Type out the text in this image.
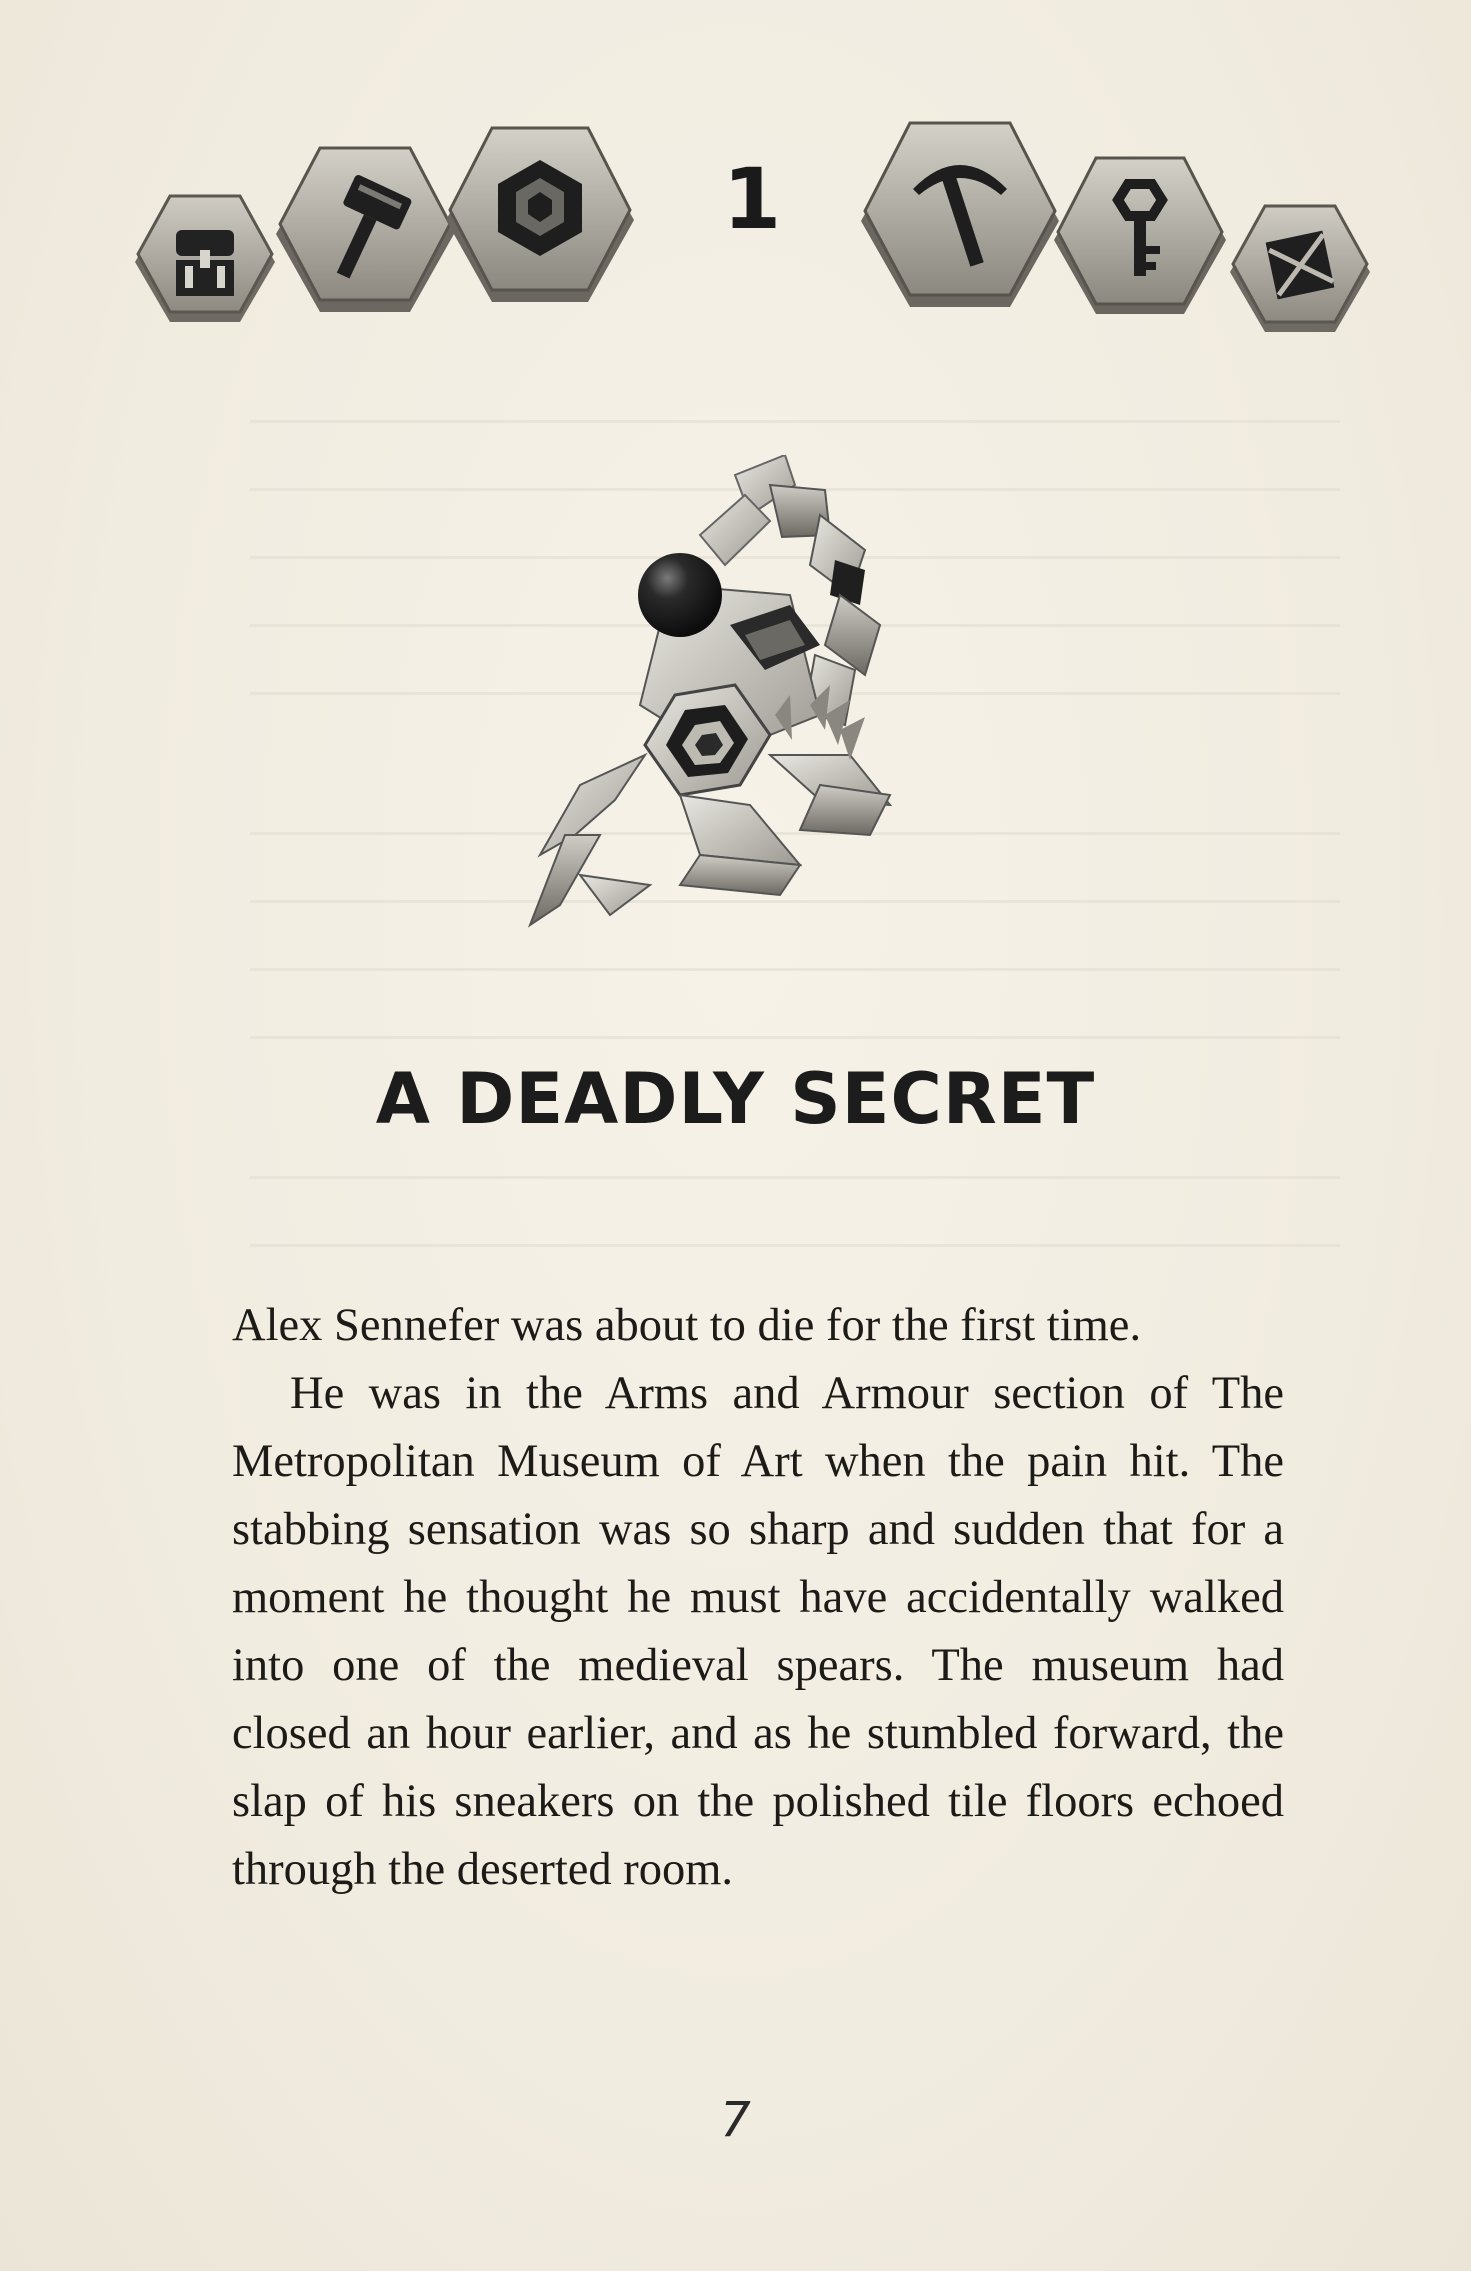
1
A DEADLY SECRET

Alex Sennefer was about to die for the first time.

He was in the Arms and Armour section of The Metropolitan Museum of Art when the pain hit. The stabbing sensation was so sharp and sudden that for a moment he thought he must have accidentally walked into one of the medieval spears. The museum had closed an hour earlier, and as he stumbled forward, the slap of his sneakers on the polished tile floors echoed through the deserted room.

7
